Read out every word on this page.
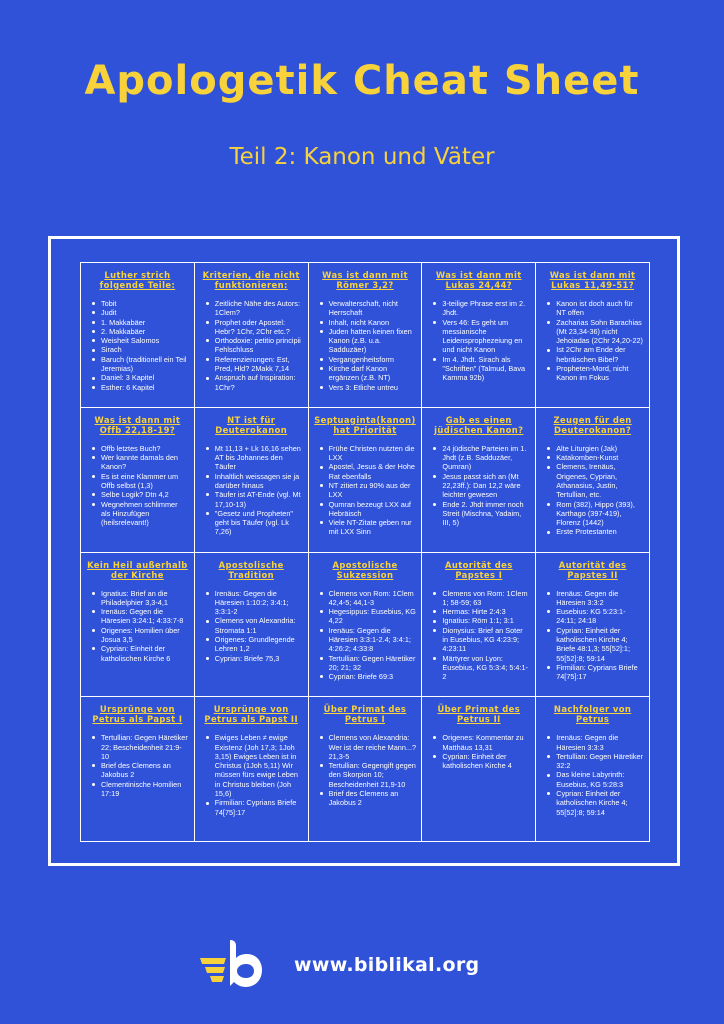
Apologetik Cheat Sheet
Teil 2: Kanon und Väter
Luther strich folgende Teile:
Tobit
Judit
1. Makkabäer
2. Makkabäer
Weisheit Salomos
Sirach
Baruch (traditionell ein Teil Jeremias)
Daniel: 3 Kapitel
Esther: 6 Kapitel
Kriterien, die nicht funktionieren:
Zeitliche Nähe des Autors: 1Clem?
Prophet oder Apostel: Hebr? 1Chr, 2Chr etc.?
Orthodoxie: petitio principii Fehlschluss
Referenzierungen: Est, Pred, Hld? 2Makk 7,14
Anspruch auf Inspiration: 1Chr?
Was ist dann mit Römer 3,2?
Verwalterschaft, nicht Herrschaft
Inhalt, nicht Kanon
Juden hatten keinen fixen Kanon (z.B. u.a. Sadduzäer)
Vergangenheitsform
Kirche darf Kanon ergänzen (z.B. NT)
Vers 3: Etliche untreu
Was ist dann mit Lukas 24,44?
3-teilige Phrase erst im 2. Jhdt.
Vers 46: Es geht um messianische Leidensprophezeiung en und nicht Kanon
Im 4. Jhdt. Sirach als "Schriften" (Talmud, Bava Kamma 92b)
Was ist dann mit Lukas 11,49-51?
Kanon ist doch auch für NT offen
Zacharias Sohn Barachias (Mt 23,34-36) nicht Jehoiadas (2Chr 24,20-22)
Ist 2Chr am Ende der hebräischen Bibel?
Propheten-Mord, nicht Kanon im Fokus
Was ist dann mit Offb 22,18-19?
Offb letztes Buch?
Wer kannte damals den Kanon?
Es ist eine Klammer um Offb selbst (1,3)
Selbe Logik? Dtn 4,2
Wegnehmen schlimmer als Hinzufügen (heilsrelevant!)
NT ist für Deuterokanon
Mt 11,13 + Lk 16,16 sehen AT bis Johannes den Täufer
Inhaltlich weissagen sie ja darüber hinaus
Täufer ist AT-Ende (vgl. Mt 17,10-13)
"Gesetz und Propheten" geht bis Täufer (vgl. Lk 7,26)
Septuaginta(kanon) hat Priorität
Frühe Christen nutzten die LXX
Apostel, Jesus & der Hohe Rat ebenfalls
NT zitiert zu 90% aus der LXX
Qumran bezeugt LXX auf Hebräisch
Viele NT-Zitate geben nur mit LXX Sinn
Gab es einen jüdischen Kanon?
24 jüdische Parteien im 1. Jhdt (z.B. Sadduzäer, Qumran)
Jesus passt sich an (Mt 22,23ff.): Dan 12,2 wäre leichter gewesen
Ende 2. Jhdt immer noch Streit (Mischna, Yadaim, III, 5)
Zeugen für den Deuterokanon?
Alte Liturgien (Jak)
Katakomben-Kunst
Clemens, Irenäus, Origenes, Cyprian, Athanasius, Justin, Tertullian, etc.
Rom (382), Hippo (393), Karthago (397-419), Florenz (1442)
Erste Protestanten
Kein Heil außerhalb der Kirche
Ignatius: Brief an die Philadelphier 3,3-4,1
Irenäus: Gegen die Häresien 3:24:1; 4:33:7-8
Origenes: Homilien über Josua 3,5
Cyprian: Einheit der katholischen Kirche 6
Apostolische Tradition
Irenäus: Gegen die Häresien 1:10:2; 3:4:1; 3:3:1-2
Clemens von Alexandria: Stromata 1:1
Origenes: Grundlegende Lehren 1,2
Cyprian: Briefe 75,3
Apostolische Sukzession
Clemens von Rom: 1Clem 42,4-5; 44,1-3
Hegesippus: Eusebius, KG 4,22
Irenäus: Gegen die Häresien 3:3:1-2.4; 3:4:1; 4:26:2; 4:33:8
Tertullian: Gegen Häretiker 20; 21; 32
Cyprian: Briefe 69:3
Autorität des Papstes I
Clemens von Rom: 1Clem 1; 58-59; 63
Hermas: Hirte 2:4:3
Ignatius: Röm 1:1; 3:1
Dionysius: Brief an Soter in Eusebius, KG 4:23:9; 4:23:11
Märtyrer von Lyon: Eusebius, KG 5:3:4; 5:4:1-2
Autorität des Papstes II
Irenäus: Gegen die Häresien 3:3:2
Eusebius: KG 5:23:1-24:11; 24:18
Cyprian: Einheit der katholischen Kirche 4; Briefe 48:1,3; 55[52]:1; 55[52]:8; 59:14
Firmilian: Cyprians Briefe 74[75]:17
Ursprünge von Petrus als Papst I
Tertullian: Gegen Häretiker 22; Bescheidenheit 21:9-10
Brief des Clemens an Jakobus 2
Clementinische Homilien 17:19
Ursprünge von Petrus als Papst II
Ewiges Leben ≠ ewige Existenz (Joh 17,3; 1Joh 3,15) Ewiges Leben ist in Christus (1Joh 5,11) Wir müssen fürs ewige Leben in Christus bleiben (Joh 15,6)
Firmilian: Cyprians Briefe 74[75]:17
Über Primat des Petrus I
Clemens von Alexandria: Wer ist der reiche Mann...? 21,3-5
Tertullian: Gegengift gegen den Skorpion 10; Bescheidenheit 21,9-10
Brief des Clemens an Jakobus 2
Über Primat des Petrus II
Origenes: Kommentar zu Matthäus 13,31
Cyprian: Einheit der katholischen Kirche 4
Nachfolger von Petrus
Irenäus: Gegen die Häresien 3:3:3
Tertullian: Gegen Häretiker 32:2
Das kleine Labyrinth: Eusebius, KG 5:28:3
Cyprian: Einheit der katholischen Kirche 4; 55[52]:8; 59:14
www.biblikal.org
